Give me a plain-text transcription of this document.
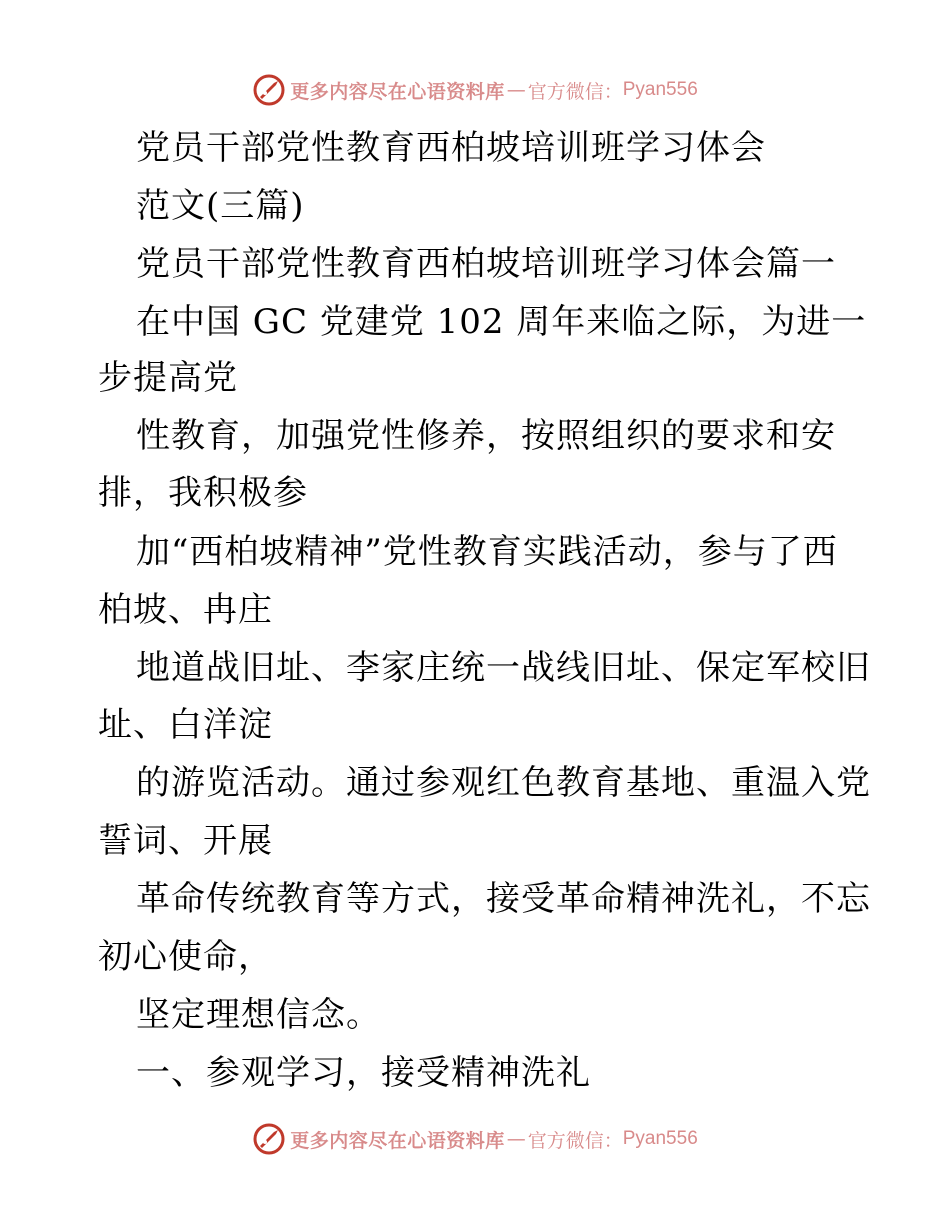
更多内容尽在心语资料库 — 官方微信： Pyan556
党员干部党性教育西柏坡培训班学习体会
范文(三篇)
党员干部党性教育西柏坡培训班学习体会篇一
在中国 GC 党建党 102 周年来临之际，为进一
步提高党
性教育，加强党性修养，按照组织的要求和安
排，我积极参
加“西柏坡精神”党性教育实践活动，参与了西
柏坡、冉庄
地道战旧址、李家庄统一战线旧址、保定军校旧
址、白洋淀
的游览活动。通过参观红色教育基地、重温入党
誓词、开展
革命传统教育等方式，接受革命精神洗礼，不忘
初心使命，
坚定理想信念。
一、参观学习，接受精神洗礼
更多内容尽在心语资料库 — 官方微信： Pyan556
